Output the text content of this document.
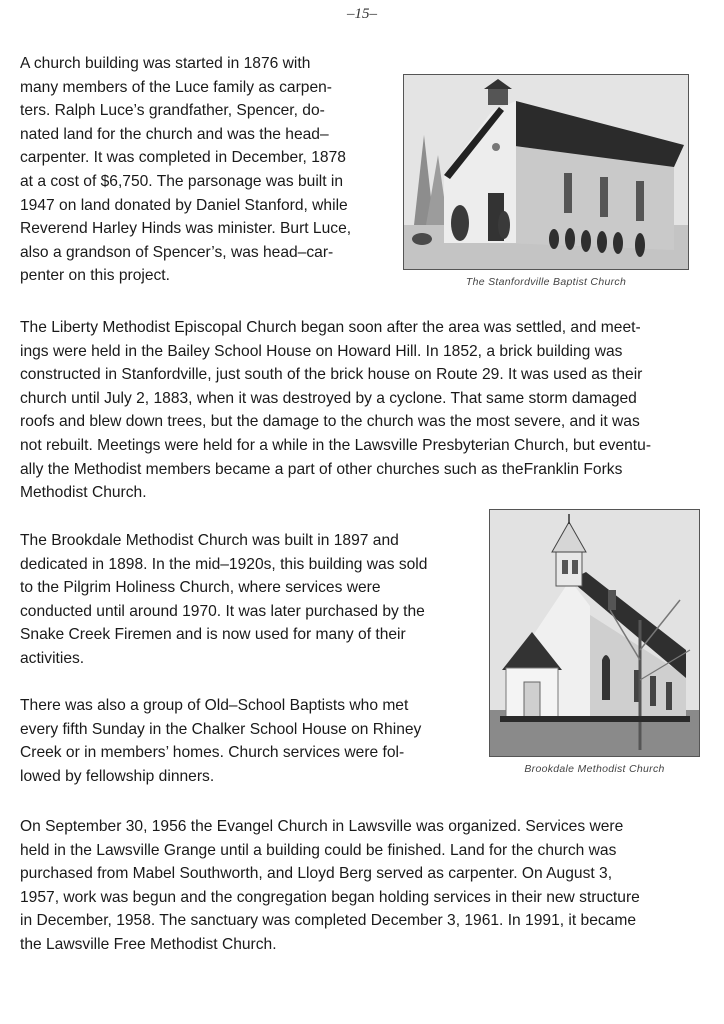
–15–
A church building was started in 1876 with
many members of the Luce family as carpen-
ters. Ralph Luce’s grandfather, Spencer, do-
nated land for the church and was the head–
carpenter. It was completed in December, 1878
at a cost of $6,750. The parsonage was built in
1947 on land donated by Daniel Stanford, while
Reverend Harley Hinds was minister. Burt Luce,
also a grandson of Spencer’s, was head–car-
penter on this project.	The Stanfordville Baptist Church
The Liberty Methodist Episcopal Church began soon after the area was settled, and meet-
ings were held in the Bailey School House on Howard Hill. In 1852, a brick building was
constructed in Stanfordville, just south of the brick house on Route 29. It was used as their
church until July 2, 1883, when it was destroyed by a cyclone. That same storm damaged
roofs and blew down trees, but the damage to the church was the most severe, and it was
not rebuilt. Meetings were held for a while in the Lawsville Presbyterian Church, but eventu-
ally the Methodist members became a part of other churches such as theFranklin Forks
Methodist Church.
The Brookdale Methodist Church was built in 1897 and
dedicated in 1898. In the mid–1920s, this building was sold
to the Pilgrim Holiness Church, where services were
conducted until around 1970. It was later purchased by the
Snake Creek Firemen and is now used for many of their
activities.
There was also a group of Old–School Baptists who met
every fifth Sunday in the Chalker School House on Rhiney
Creek or in members’ homes. Church services were fol-
lowed by fellowship dinners.	Brookdale Methodist Church
On September 30, 1956 the Evangel Church in Lawsville was organized. Services were
held in the Lawsville Grange until a building could be finished. Land for the church was
purchased from Mabel Southworth, and Lloyd Berg served as carpenter. On August 3,
1957, work was begun and the congregation began holding services in their new structure
in December, 1958. The sanctuary was completed December 3, 1961. In 1991, it became
the Lawsville Free Methodist Church.
